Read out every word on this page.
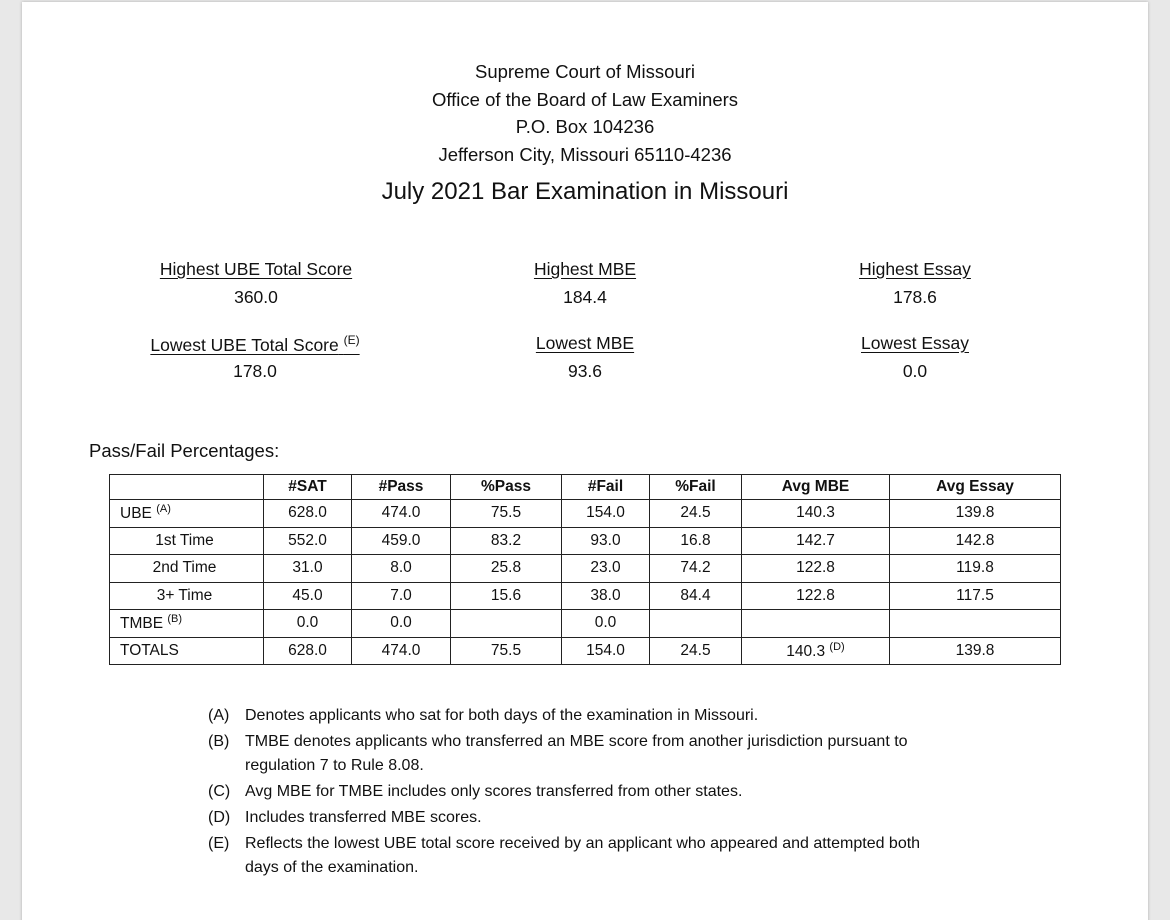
Supreme Court of Missouri
Office of the Board of Law Examiners
P.O. Box 104236
Jefferson City, Missouri 65110-4236
July 2021 Bar Examination in Missouri
Highest UBE Total Score
360.0
Highest MBE
184.4
Highest Essay
178.6
Lowest UBE Total Score $^{(E)}$
178.0
Lowest MBE
93.6
Lowest Essay
0.0
Pass/Fail Percentages:
	#SAT	#Pass	%Pass	#Fail	%Fail	Avg MBE	Avg Essay
UBE $^{(A)}$	628.0	474.0	75.5	154.0	24.5	140.3	139.8
1st Time	552.0	459.0	83.2	93.0	16.8	142.7	142.8
2nd Time	31.0	8.0	25.8	23.0	74.2	122.8	119.8
3+ Time	45.0	7.0	15.6	38.0	84.4	122.8	117.5
TMBE $^{(B)}$	0.0	0.0		0.0			
TOTALS	628.0	474.0	75.5	154.0	24.5	140.3 $^{(D)}$	139.8
(A) Denotes applicants who sat for both days of the examination in Missouri.
(B) TMBE denotes applicants who transferred an MBE score from another jurisdiction pursuant to regulation 7 to Rule 8.08.
(C) Avg MBE for TMBE includes only scores transferred from other states.
(D) Includes transferred MBE scores.
(E) Reflects the lowest UBE total score received by an applicant who appeared and attempted both days of the examination.
